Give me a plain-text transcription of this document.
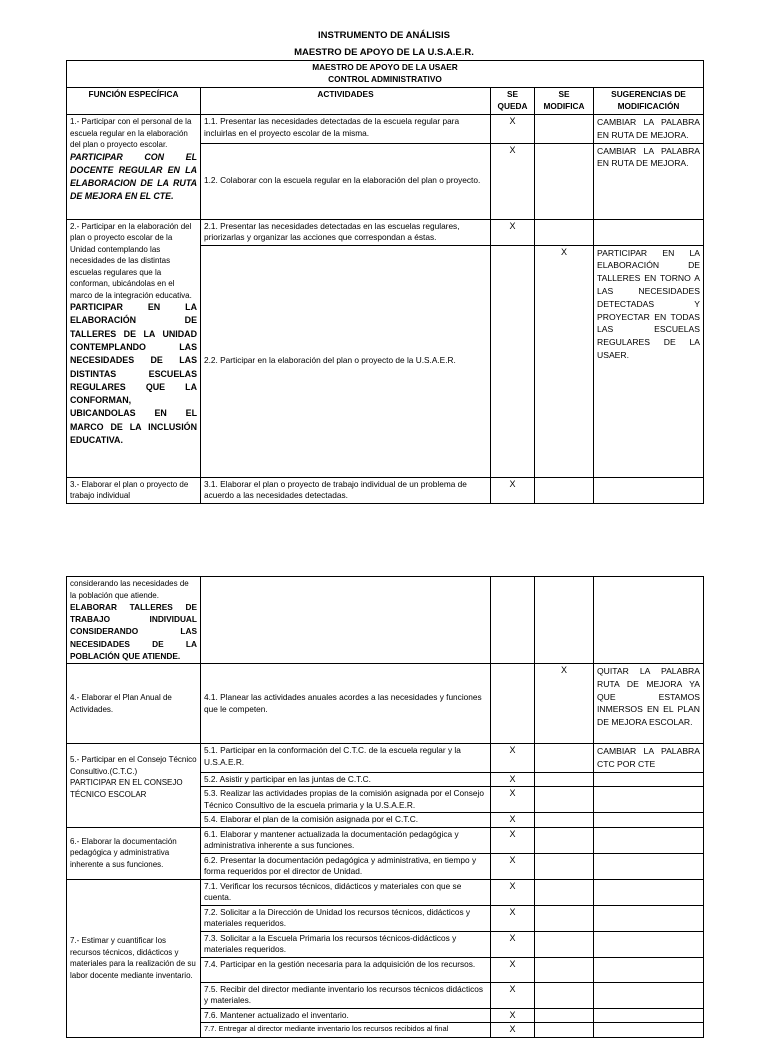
INSTRUMENTO DE ANÁLISIS
MAESTRO DE APOYO DE LA U.S.A.E.R.
MAESTRO DE APOYO DE LA USAER
CONTROL ADMINISTRATIVO				

FUNCIÓN ESPECÍFICA	ACTIVIDADES	SE QUEDA	SE MODIFICA	SUGERENCIAS DE MODIFICACIÓN

1.- Participar con el personal de la escuela regular en la elaboración del plan o proyecto escolar.
PARTICIPAR CON EL DOCENTE REGULAR EN LA ELABORACION DE LA RUTA DE MEJORA EN EL CTE.	1.1. Presentar las necesidades detectadas de la escuela regular para incluirlas en el proyecto escolar de la misma.	X		CAMBIAR LA PALABRA EN RUTA DE MEJORA.
	1.2. Colaborar con la escuela regular en la elaboración del plan o proyecto.	X		CAMBIAR LA PALABRA EN RUTA DE MEJORA.

2.- Participar en la elaboración del plan o proyecto escolar de la Unidad contemplando las necesidades de las distintas escuelas regulares que la conforman, ubicándolas en el marco de la integración educativa.
PARTICIPAR EN LA ELABORACIÓN DE TALLERES DE LA UNIDAD CONTEMPLANDO LAS NECESIDADES DE LAS DISTINTAS ESCUELAS REGULARES QUE LA CONFORMAN, UBICANDOLAS EN EL MARCO DE LA INCLUSIÓN EDUCATIVA.	2.1. Presentar las necesidades detectadas en las escuelas regulares, priorizarlas y organizar las acciones que correspondan a éstas.	X		
	2.2. Participar en la elaboración del plan o proyecto de la U.S.A.E.R.		X	PARTICIPAR EN LA ELABORACIÓN DE TALLERES EN TORNO A LAS NECESIDADES DETECTADAS Y PROYECTAR EN TODAS LAS ESCUELAS REGULARES DE LA USAER.
3.- Elaborar el plan o proyecto de trabajo individual	3.1. Elaborar el plan o proyecto de trabajo individual de un problema de acuerdo a las necesidades detectadas.	X		
considerando las necesidades de la población que atiende.
ELABORAR TALLERES DE TRABAJO INDIVIDUAL CONSIDERANDO LAS NECESIDADES DE LA POBLACIÓN QUE ATIENDE.				

4.- Elaborar el Plan Anual de Actividades.	4.1. Planear las actividades anuales acordes a las necesidades y funciones que le competen.		X	QUITAR LA PALABRA RUTA DE MEJORA YA QUE ESTAMOS INMERSOS EN EL PLAN DE MEJORA ESCOLAR.

5.- Participar en el Consejo Técnico Consultivo.(C.T.C.)
PARTICIPAR EN EL CONSEJO TÉCNICO ESCOLAR	5.1. Participar en la conformación del C.T.C. de la escuela regular y la U.S.A.E.R.	X		CAMBIAR LA PALABRA CTC POR CTE
	5.2. Asistir y participar en las juntas de C.T.C.	X		
	5.3. Realizar las actividades propias de la comisión asignada por el Consejo Técnico Consultivo de la escuela primaria y la U.S.A.E.R.	X		
	5.4. Elaborar el plan de la comisión asignada por el C.T.C.	X		
6.- Elaborar la documentación pedagógica y administrativa inherente a sus funciones.	6.1. Elaborar y mantener actualizada la documentación pedagógica y administrativa inherente a sus funciones.	X		
	6.2. Presentar la documentación pedagógica y administrativa, en tiempo y forma requeridos por el director de Unidad.	X		
7.- Estimar y cuantificar los recursos técnicos, didácticos y materiales para la realización de su labor docente mediante inventario.	7.1. Verificar los recursos técnicos, didácticos y materiales con que se cuenta.	X		
	7.2. Solicitar a la Dirección de Unidad los recursos técnicos, didácticos y materiales requeridos.	X		
	7.3. Solicitar a la Escuela Primaria los recursos técnicos-didácticos y materiales requeridos.	X		
	7.4. Participar en la gestión necesaria para la adquisición de los recursos.	X		
	7.5. Recibir del director mediante inventario los recursos técnicos didácticos y materiales.	X		
	7.6. Mantener actualizado el inventario.	X		
	7.7. Entregar al director mediante inventario los recursos recibidos al final	X		
